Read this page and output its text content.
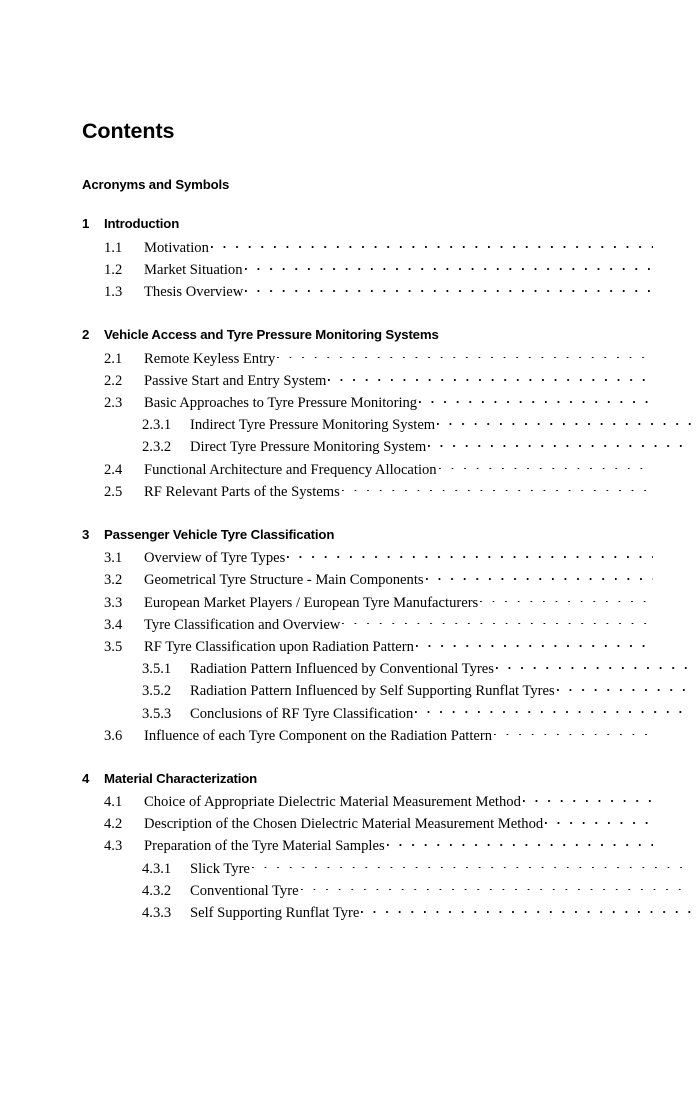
Contents
Acronyms and Symbols
1	Introduction
1.1	Motivation
1.2	Market Situation
1.3	Thesis Overview
2	Vehicle Access and Tyre Pressure Monitoring Systems
2.1	Remote Keyless Entry
2.2	Passive Start and Entry System
2.3	Basic Approaches to Tyre Pressure Monitoring
2.3.1	Indirect Tyre Pressure Monitoring System
2.3.2	Direct Tyre Pressure Monitoring System
2.4	Functional Architecture and Frequency Allocation
2.5	RF Relevant Parts of the Systems
3	Passenger Vehicle Tyre Classification
3.1	Overview of Tyre Types
3.2	Geometrical Tyre Structure - Main Components
3.3	European Market Players / European Tyre Manufacturers
3.4	Tyre Classification and Overview
3.5	RF Tyre Classification upon Radiation Pattern
3.5.1	Radiation Pattern Influenced by Conventional Tyres
3.5.2	Radiation Pattern Influenced by Self Supporting Runflat Tyres
3.5.3	Conclusions of RF Tyre Classification
3.6	Influence of each Tyre Component on the Radiation Pattern
4	Material Characterization
4.1	Choice of Appropriate Dielectric Material Measurement Method
4.2	Description of the Chosen Dielectric Material Measurement Method
4.3	Preparation of the Tyre Material Samples
4.3.1	Slick Tyre
4.3.2	Conventional Tyre
4.3.3	Self Supporting Runflat Tyre
